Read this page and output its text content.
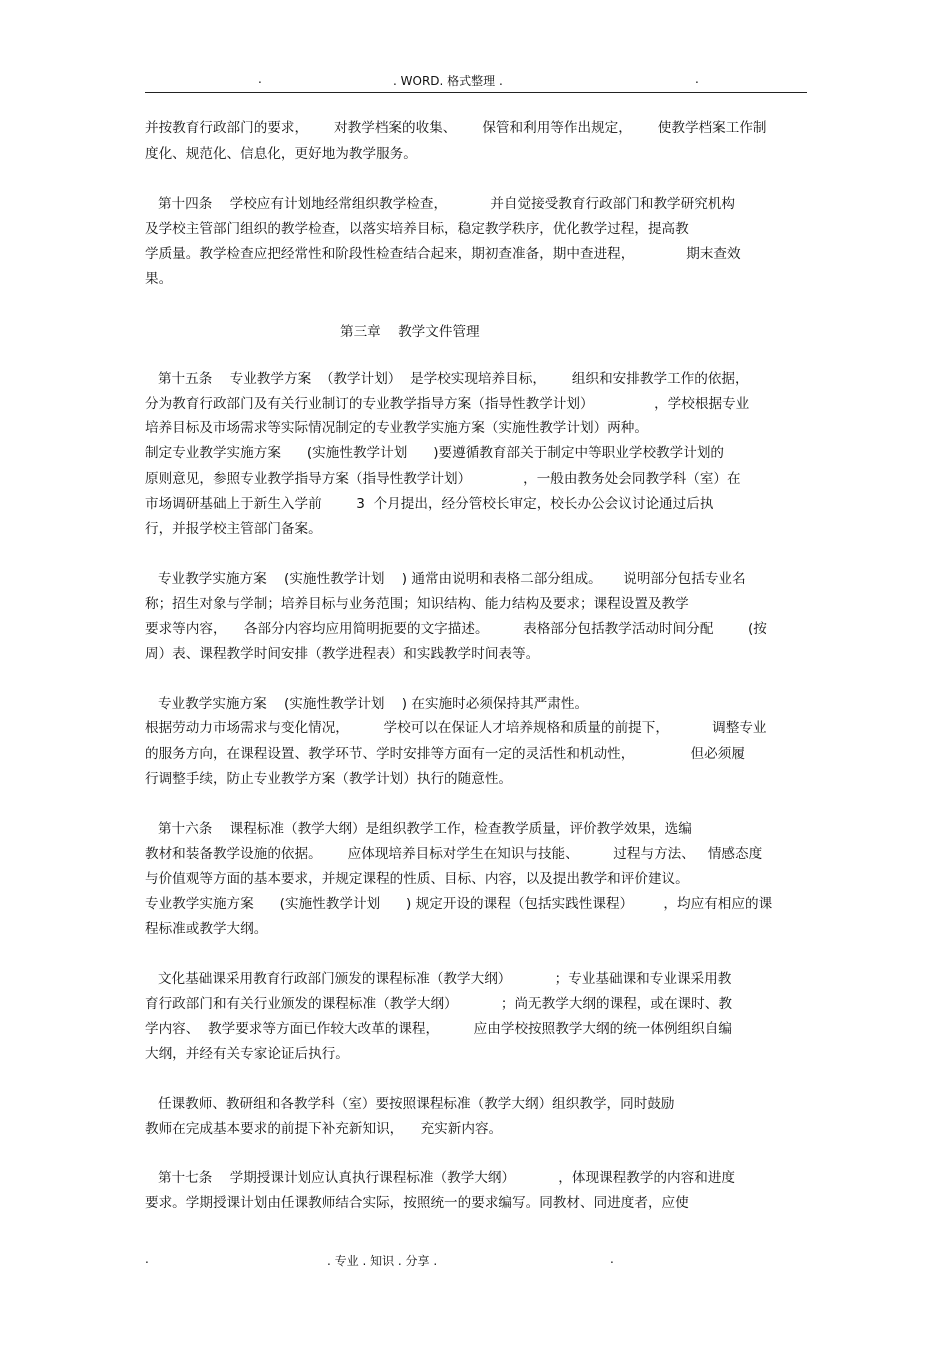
.	. WORD. 格式整理 .	.
并按教育行政部门的要求，      对教学档案的收集、      保管和利用等作出规定，      使教学档案工作制
度化、规范化、信息化，更好地为教学服务。
第十四条    学校应有计划地经常组织教学检查，          并自觉接受教育行政部门和教学研究机构
及学校主管部门组织的教学检查，以落实培养目标，稳定教学秩序，优化教学过程，提高教
学质量。教学检查应把经常性和阶段性检查结合起来，期初查准备，期中查进程，            期末查效
果。
第三章    教学文件管理
第十五条    专业教学方案  （教学计划）  是学校实现培养目标，      组织和安排教学工作的依据，
分为教育行政部门及有关行业制订的专业教学指导方案（指导性教学计划）              ，学校根据专业
培养目标及市场需求等实际情况制定的专业教学实施方案（实施性教学计划）两种。
制定专业教学实施方案      (实施性教学计划      )要遵循教育部关于制定中等职业学校教学计划的
原则意见，参照专业教学指导方案（指导性教学计划）            ，一般由教务处会同教学科（室）在
市场调研基础上于新生入学前        3  个月提出，经分管校长审定，校长办公会议讨论通过后执
行，并报学校主管部门备案。
专业教学实施方案    (实施性教学计划    ) 通常由说明和表格二部分组成。     说明部分包括专业名
称；招生对象与学制；培养目标与业务范围；知识结构、能力结构及要求；课程设置及教学
要求等内容，    各部分内容均应用简明扼要的文字描述。        表格部分包括教学活动时间分配        (按
周）表、课程教学时间安排（教学进程表）和实践教学时间表等。
专业教学实施方案    (实施性教学计划    ) 在实施时必须保持其严肃性。
根据劳动力市场需求与变化情况，        学校可以在保证人才培养规格和质量的前提下，          调整专业
的服务方向，在课程设置、教学环节、学时安排等方面有一定的灵活性和机动性，             但必须履
行调整手续，防止专业教学方案（教学计划）执行的随意性。
第十六条    课程标准（教学大纲）是组织教学工作，检查教学质量，评价教学效果，选编
教材和装备教学设施的依据。      应体现培养目标对学生在知识与技能、        过程与方法、   情感态度
与价值观等方面的基本要求，并规定课程的性质、目标、内容，以及提出教学和评价建议。
专业教学实施方案      (实施性教学计划      ) 规定开设的课程（包括实践性课程）       ，均应有相应的课
程标准或教学大纲。
文化基础课采用教育行政部门颁发的课程标准（教学大纲）          ；专业基础课和专业课采用教
育行政部门和有关行业颁发的课程标准（教学大纲）          ；尚无教学大纲的课程，或在课时、教
学内容、  教学要求等方面已作较大改革的课程，        应由学校按照教学大纲的统一体例组织自编
大纲，并经有关专家论证后执行。
任课教师、教研组和各教学科（室）要按照课程标准（教学大纲）组织教学，同时鼓励
教师在完成基本要求的前提下补充新知识，    充实新内容。
第十七条    学期授课计划应认真执行课程标准（教学大纲）          ，体现课程教学的内容和进度
要求。学期授课计划由任课教师结合实际，按照统一的要求编写。同教材、同进度者，应使
.	. 专业 . 知识 . 分享 .	.
